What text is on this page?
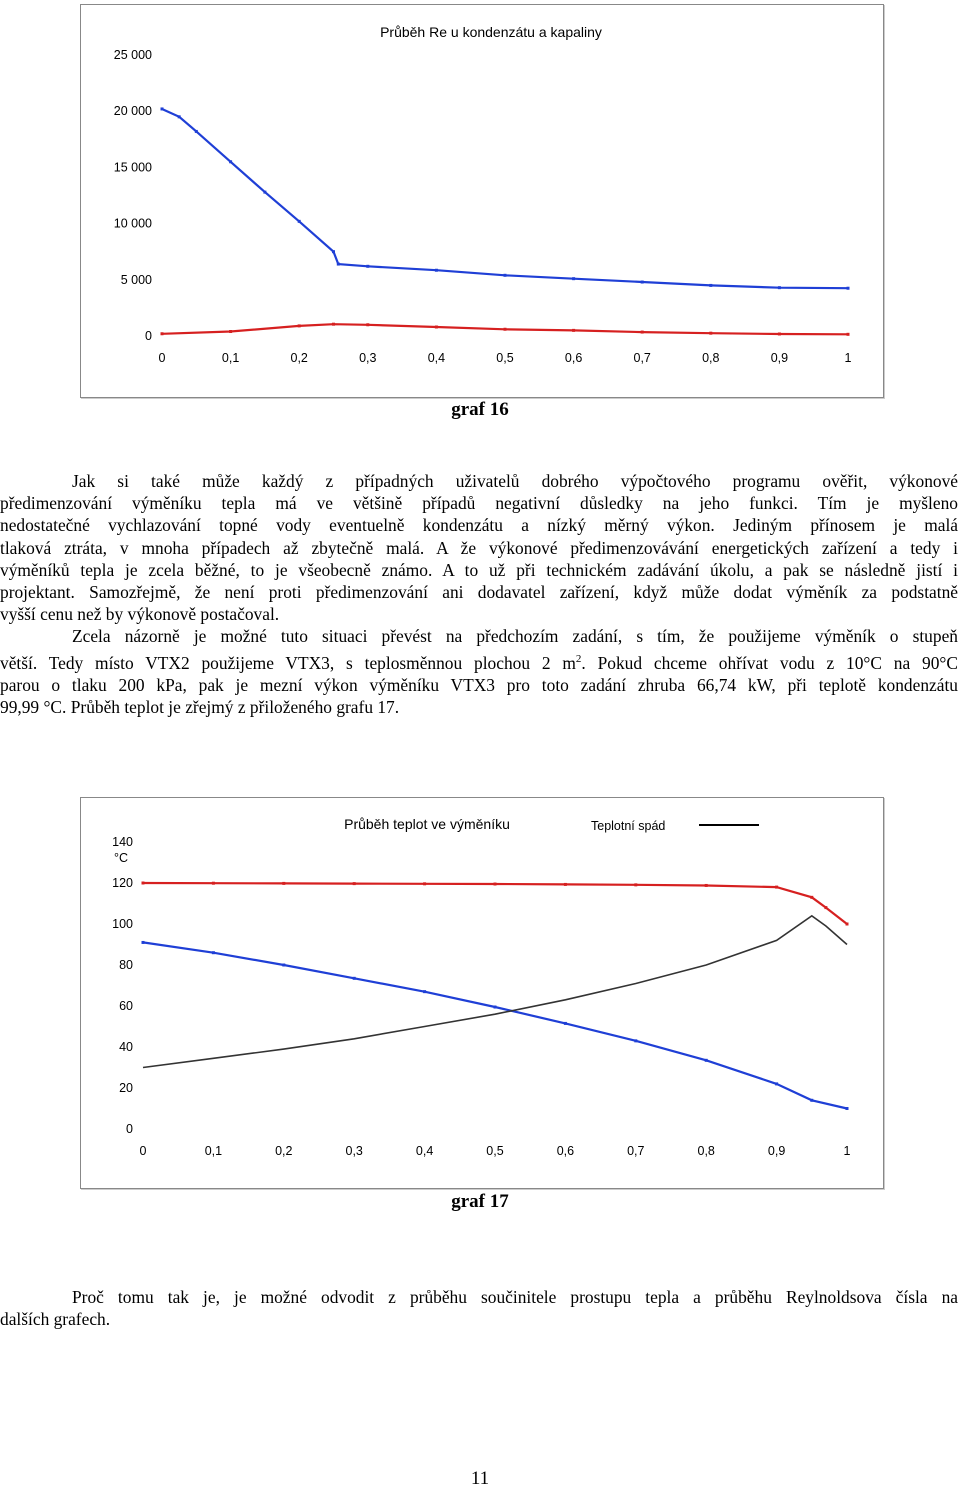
Průběh Re u kondenzátu a kapaliny
0
5 000
10 000
15 000
20 000
25 000
0	0,1	0,2	0,3	0,4	0,5	0,6	0,7	0,8	0,9	1
graf 16

Jak si také může každý z případných uživatelů dobrého výpočtového programu ověřit, výkonové

předimenzování výměníku tepla má ve většině případů negativní důsledky na jeho funkci. Tím je myšleno

nedostatečné vychlazování topné vody eventuelně kondenzátu a nízký měrný výkon. Jediným přínosem je malá

tlaková ztráta, v mnoha případech až zbytečně malá. A že výkonové předimenzovávání energetických zařízení a tedy i

výměníků tepla je zcela běžné, to je všeobecně známo. A to už při technickém zadávání úkolu, a pak se následně jistí i

projektant. Samozřejmě, že není proti předimenzování ani dodavatel zařízení, když může dodat výměník za podstatně

vyšší cenu než by výkonově postačoval.

Zcela názorně je možné tuto situaci převést na předchozím zadání, s tím, že použijeme výměník o stupeň

větší. Tedy místo VTX2 použijeme VTX3, s teplosměnnou plochou 2 $m^2$. Pokud chceme ohřívat vodu z 10°C na 90°C

parou o tlaku 200 kPa, pak je mezní výkon výměníku VTX3 pro toto zadání zhruba 66,74 kW, při teplotě kondenzátu

99,99 °C. Průběh teplot je zřejmý z přiloženého grafu 17.

Průběh teplot ve výměníku
0
20
40
60
80
100
120
140
0	0,1	0,2	0,3	0,4	0,5	0,6	0,7	0,8	0,9	1
°C
Teplotní spád
graf 17

Proč tomu tak je, je možné odvodit z průběhu součinitele prostupu tepla a průběhu Reylnoldsova čísla na

dalších grafech.

11
